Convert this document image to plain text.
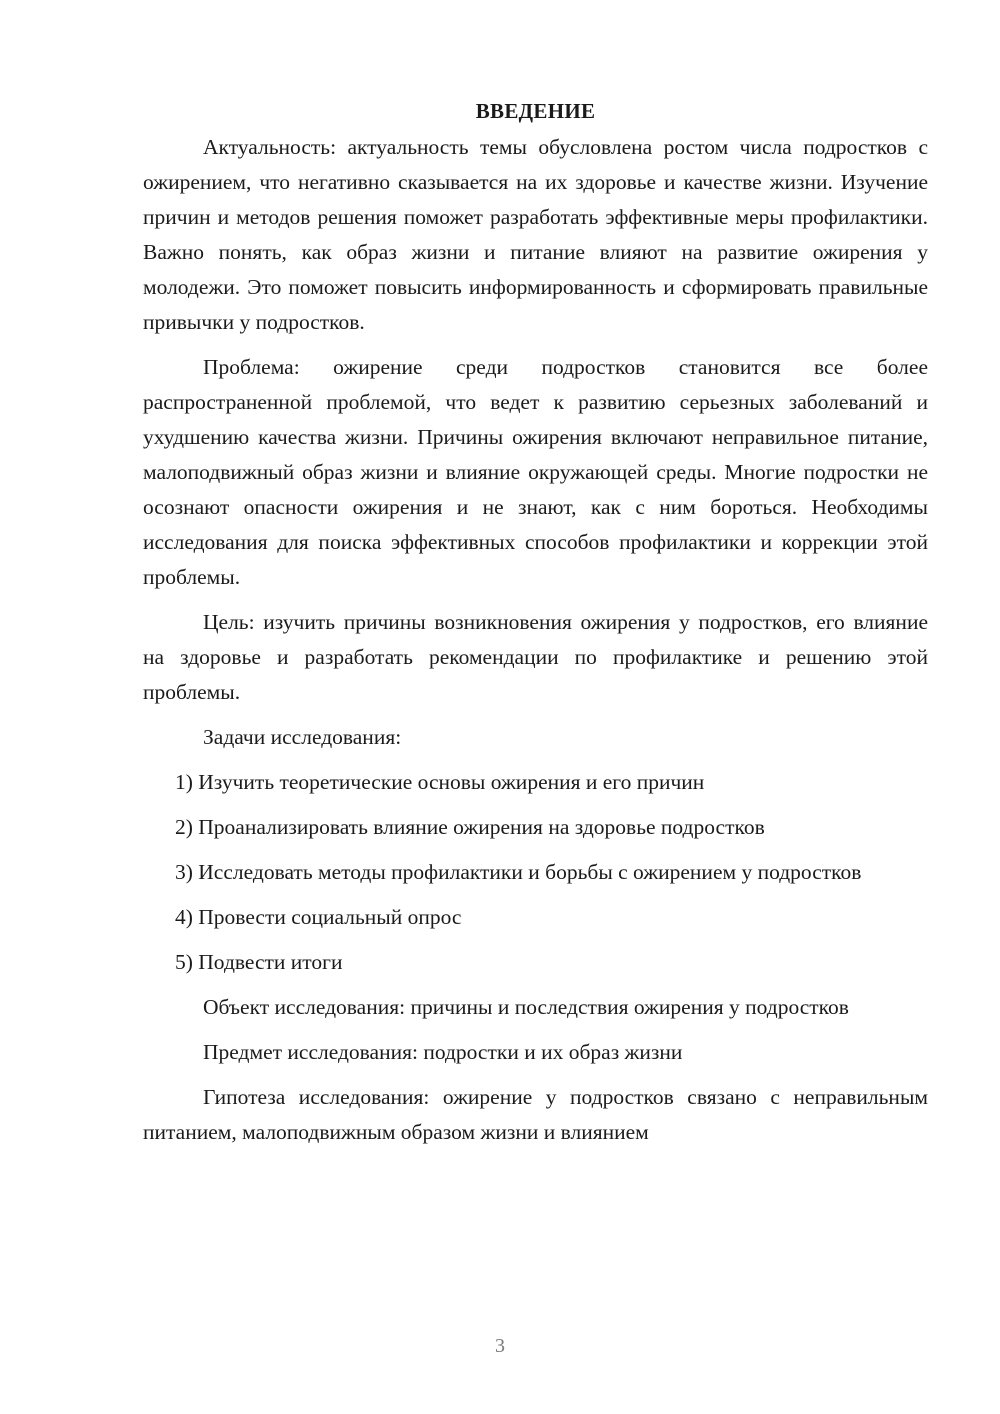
ВВЕДЕНИЕ

Актуальность: актуальность темы обусловлена ростом числа подростков с ожирением, что негативно сказывается на их здоровье и качестве жизни. Изучение причин и методов решения поможет разработать эффективные меры профилактики. Важно понять, как образ жизни и питание влияют на развитие ожирения у молодежи. Это поможет повысить информированность и сформировать правильные привычки у подростков.

Проблема: ожирение среди подростков становится все более распространенной проблемой, что ведет к развитию серьезных заболеваний и ухудшению качества жизни. Причины ожирения включают неправильное питание, малоподвижный образ жизни и влияние окружающей среды. Многие подростки не осознают опасности ожирения и не знают, как с ним бороться. Необходимы исследования для поиска эффективных способов профилактики и коррекции этой проблемы.

Цель: изучить причины возникновения ожирения у подростков, его влияние на здоровье и разработать рекомендации по профилактике и решению этой проблемы.

Задачи исследования:

1) Изучить теоретические основы ожирения и его причин

2) Проанализировать влияние ожирения на здоровье подростков

3) Исследовать методы профилактики и борьбы с ожирением у подростков

4) Провести социальный опрос

5) Подвести итоги

Объект исследования: причины и последствия ожирения у подростков

Предмет исследования: подростки и их образ жизни

Гипотеза исследования: ожирение у подростков связано с неправильным питанием, малоподвижным образом жизни и влиянием

3
